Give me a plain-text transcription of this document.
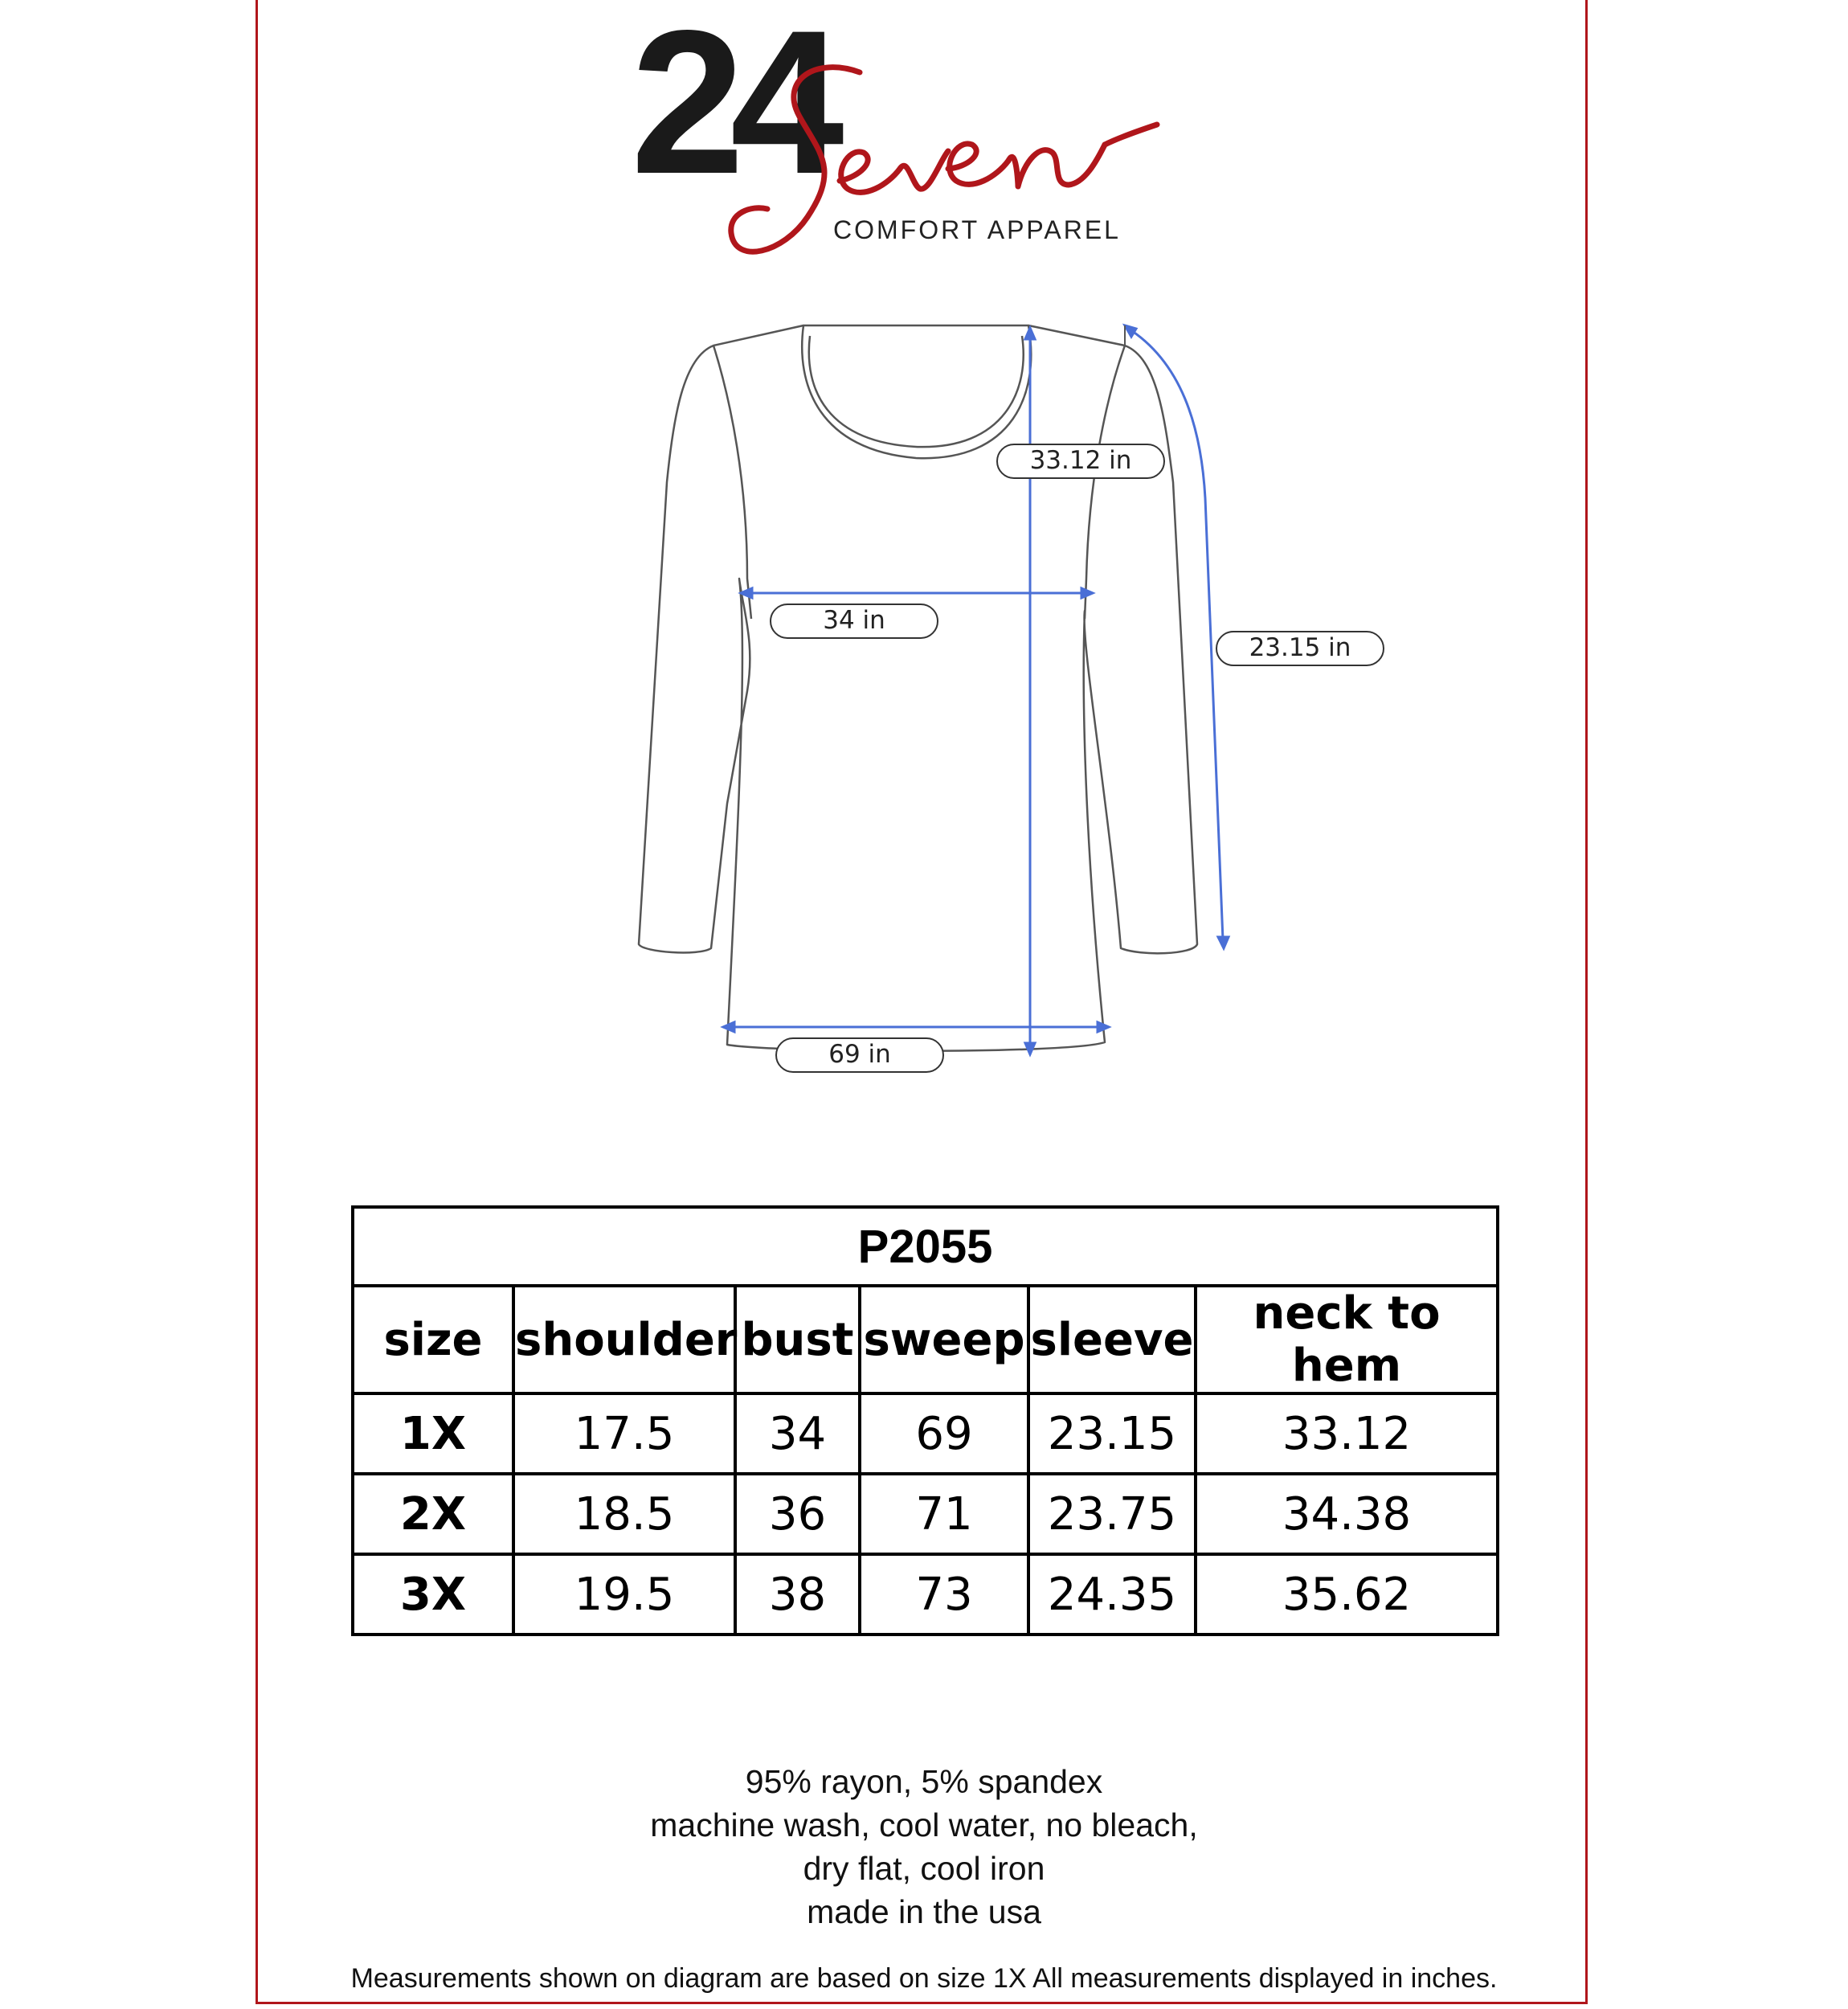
24
COMFORT APPAREL
33.12 in
34 in
23.15 in
69 in
P2055					
size	shoulder	bust	sweep	sleeve	neck to hem
1X	17.5	34	69	23.15	33.12
2X	18.5	36	71	23.75	34.38
3X	19.5	38	73	24.35	35.62
95% rayon, 5% spandex
machine wash, cool water, no bleach,
dry flat, cool iron
made in the usa
Measurements shown on diagram are based on size 1X All measurements displayed in inches.
